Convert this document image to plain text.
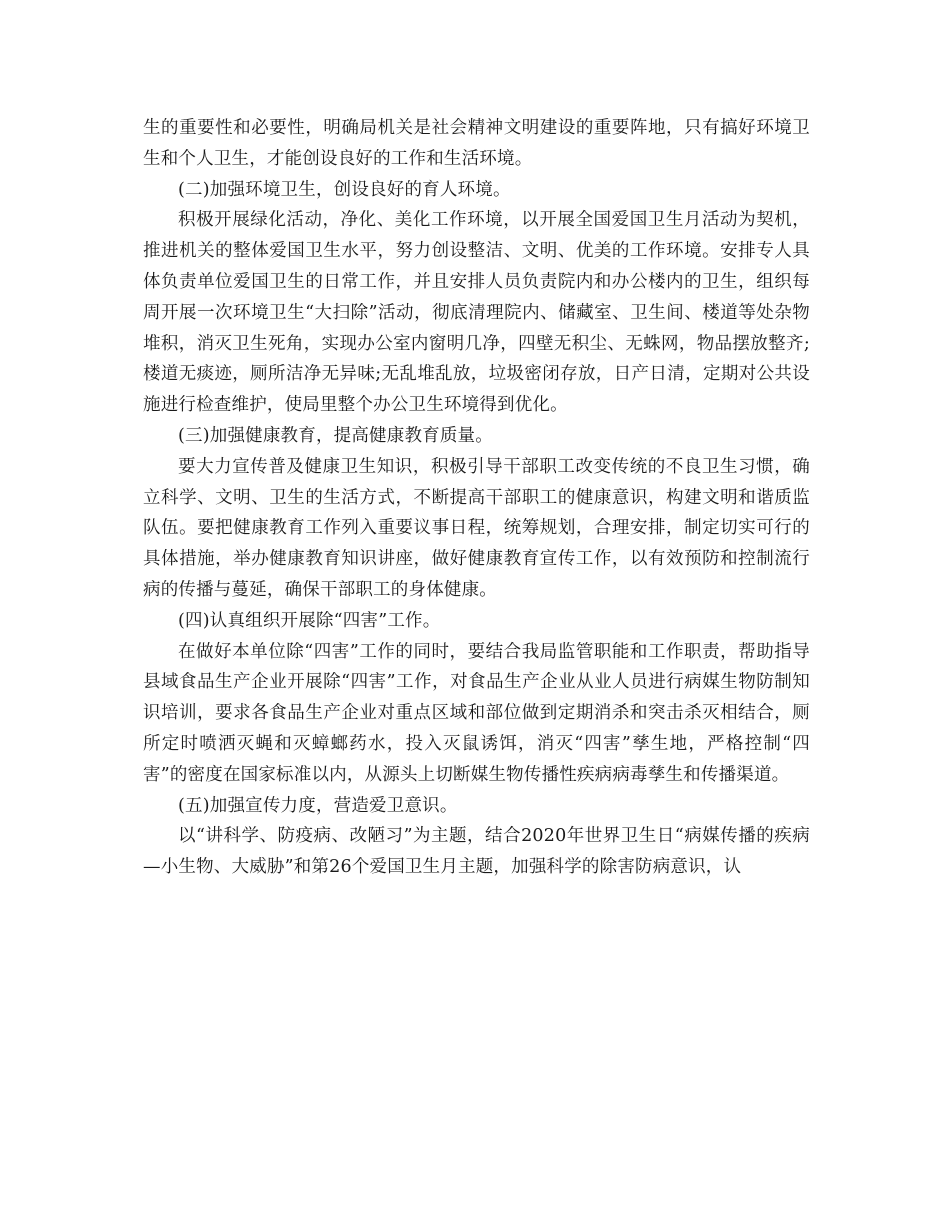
生的重要性和必要性，明确局机关是社会精神文明建设的重要阵地，只有搞好环境卫生和个人卫生，才能创设良好的工作和生活环境。

(二)加强环境卫生，创设良好的育人环境。

积极开展绿化活动，净化、美化工作环境，以开展全国爱国卫生月活动为契机，推进机关的整体爱国卫生水平，努力创设整洁、文明、优美的工作环境。安排专人具体负责单位爱国卫生的日常工作，并且安排人员负责院内和办公楼内的卫生，组织每周开展一次环境卫生“大扫除”活动，彻底清理院内、储藏室、卫生间、楼道等处杂物堆积，消灭卫生死角，实现办公室内窗明几净，四壁无积尘、无蛛网，物品摆放整齐;楼道无痰迹，厕所洁净无异味;无乱堆乱放，垃圾密闭存放，日产日清，定期对公共设施进行检查维护，使局里整个办公卫生环境得到优化。

(三)加强健康教育，提高健康教育质量。

要大力宣传普及健康卫生知识，积极引导干部职工改变传统的不良卫生习惯，确立科学、文明、卫生的生活方式，不断提高干部职工的健康意识，构建文明和谐质监队伍。要把健康教育工作列入重要议事日程，统筹规划，合理安排，制定切实可行的具体措施，举办健康教育知识讲座，做好健康教育宣传工作，以有效预防和控制流行病的传播与蔓延，确保干部职工的身体健康。

(四)认真组织开展除“四害”工作。

在做好本单位除“四害”工作的同时，要结合我局监管职能和工作职责，帮助指导县域食品生产企业开展除“四害”工作，对食品生产企业从业人员进行病媒生物防制知识培训，要求各食品生产企业对重点区域和部位做到定期消杀和突击杀灭相结合，厕所定时喷洒灭蝇和灭蟑螂药水，投入灭鼠诱饵，消灭“四害”孳生地，严格控制“四害”的密度在国家标准以内，从源头上切断媒生物传播性疾病病毒孳生和传播渠道。

(五)加强宣传力度，营造爱卫意识。

以“讲科学、防疫病、改陋习”为主题，结合2020年世界卫生日“病媒传播的疾病—小生物、大威胁”和第26个爱国卫生月主题，加强科学的除害防病意识，认
